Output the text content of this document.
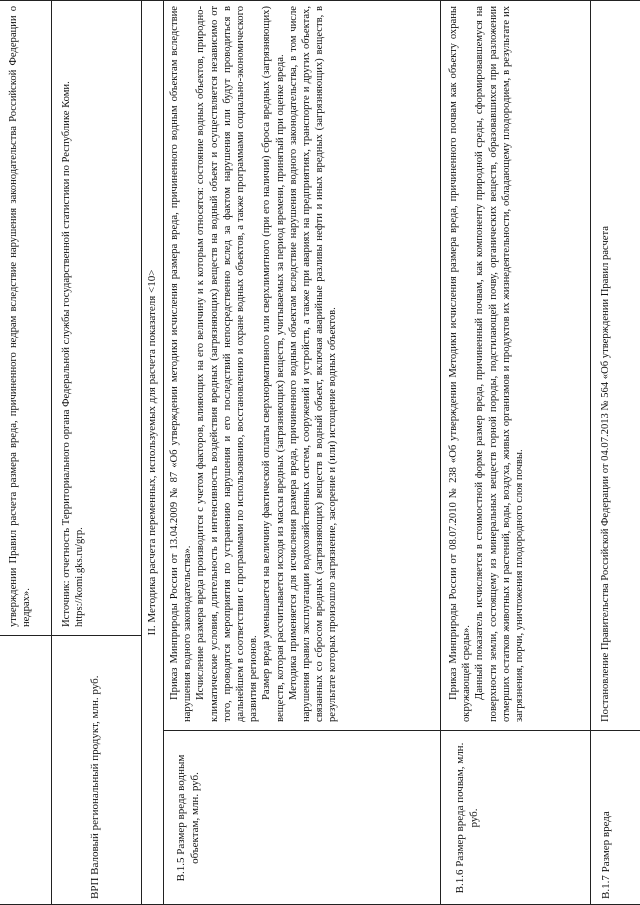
утверждении Правил расчета размера вреда, причиненного недрам вследствие нарушения законодательства Российской Федерации о недрах».

ВРП Валовый региональный продукт, млн. руб.

Источник: отчетность Территориального органа Федеральной службы государственной статистики по Республике Коми. https://komi.gks.ru/grp.	II. Методика расчета переменных, используемых для расчета показателя <10>

В.1.5 Размер вреда водным объектам, млн. руб.

Приказ Минприроды России от 13.04.2009 № 87 «Об утверждении методики исчисления размера вреда, причиненного водным объектам вследствие нарушения водного законодательства». Исчисление размера вреда производится с учетом факторов, влияющих на его величину и к которым относятся: состояние водных объектов, природно-климатические условия, длительность и интенсивность воздействия вредных (загрязняющих) веществ на водный объект и осуществляется независимо от того, проводятся мероприятия по устранению нарушения и его последствий непосредственно вслед за фактом нарушения или будут проводиться в дальнейшем в соответствии с программами по использованию, восстановлению и охране водных объектов, а также программами социально-экономического развития регионов. Размер вреда уменьшается на величину фактической оплаты сверхнормативного или сверхлимитного (при его наличии) сброса вредных (загрязняющих) веществ, которая рассчитывается исходя из массы вредных (загрязняющих) веществ, учитываемых за период времени, принятый при оценке вреда. Методика применяется для исчисления размера вреда, причиненного водным объектам вследствие нарушения водного законодательства, в том числе нарушения правил эксплуатации водохозяйственных систем, сооружений и устройств, а также при авариях на предприятиях, транспорте и других объектах, связанных со сбросом вредных (загрязняющих) веществ в водный объект, включая аварийные разливы нефти и иных вредных (загрязняющих) веществ, в результате которых произошло загрязнение, засорение и (или) истощение водных объектов.

В.1.6 Размер вреда почвам, млн. руб.

Приказ Минприроды России от 08.07.2010 № 238 «Об утверждении Методики исчисления размера вреда, причиненного почвам как объекту охраны окружающей среды». Данный показатель исчисляется в стоимостной форме размер вреда, причиненный почвам, как компоненту природной среды, сформировавшемуся на поверхности земли, состоящему из минеральных веществ горной породы, подстилающей почву, органических веществ, образовавшихся при разложении отмерших остатков животных и растений, воды, воздуха, живых организмов и продуктов их жизнедеятельности, обладающему плодородием, в результате их загрязнения, порчи, уничтожения плодородного слоя почвы.

В.1.7 Размер вреда

Постановление Правительства Российской Федерации от 04.07.2013 № 564 «Об утверждении Правил расчета
